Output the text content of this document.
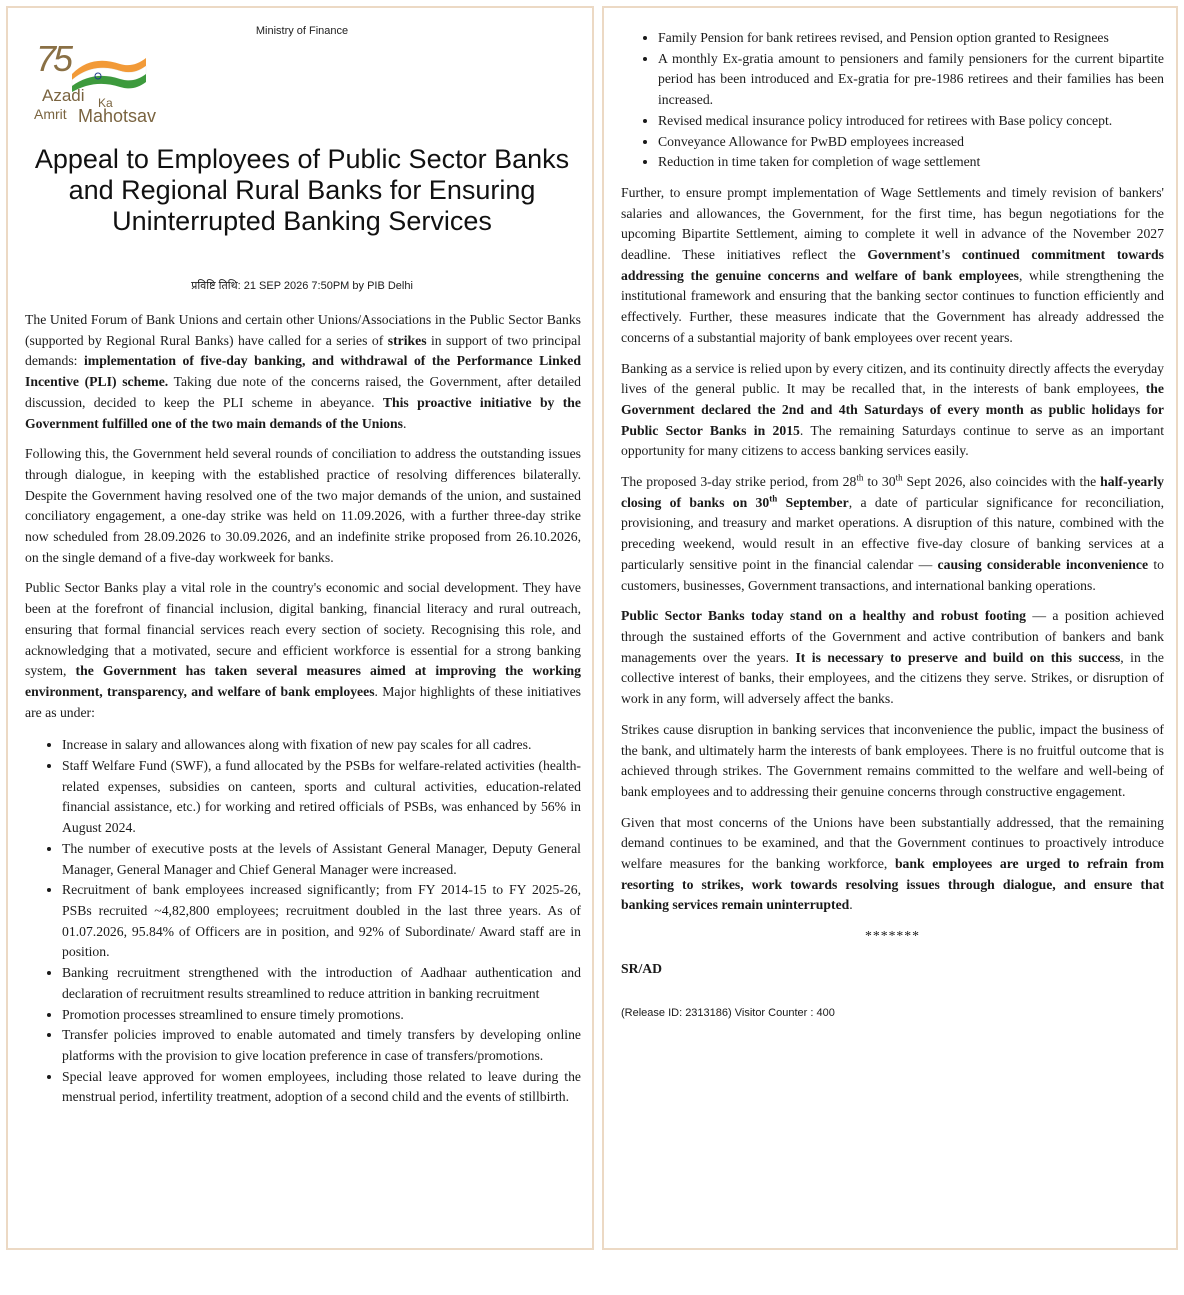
Ministry of Finance
75
Azadi Ka
Amrit Mahotsav
Appeal to Employees of Public Sector Banks and Regional Rural Banks for Ensuring Uninterrupted Banking Services
प्रविष्टि तिथि: 21 SEP 2026 7:50PM by PIB Delhi

The United Forum of Bank Unions and certain other Unions/Associations in the Public Sector Banks (supported by Regional Rural Banks) have called for a series of strikes in support of two principal demands: implementation of five-day banking, and withdrawal of the Performance Linked Incentive (PLI) scheme. Taking due note of the concerns raised, the Government, after detailed discussion, decided to keep the PLI scheme in abeyance. This proactive initiative by the Government fulfilled one of the two main demands of the Unions.

Following this, the Government held several rounds of conciliation to address the outstanding issues through dialogue, in keeping with the established practice of resolving differences bilaterally. Despite the Government having resolved one of the two major demands of the union, and sustained conciliatory engagement, a one-day strike was held on 11.09.2026, with a further three-day strike now scheduled from 28.09.2026 to 30.09.2026, and an indefinite strike proposed from 26.10.2026, on the single demand of a five-day workweek for banks.

Public Sector Banks play a vital role in the country's economic and social development. They have been at the forefront of financial inclusion, digital banking, financial literacy and rural outreach, ensuring that formal financial services reach every section of society. Recognising this role, and acknowledging that a motivated, secure and efficient workforce is essential for a strong banking system, the Government has taken several measures aimed at improving the working environment, transparency, and welfare of bank employees. Major highlights of these initiatives are as under:

• Increase in salary and allowances along with fixation of new pay scales for all cadres.
• Staff Welfare Fund (SWF), a fund allocated by the PSBs for welfare-related activities (health-related expenses, subsidies on canteen, sports and cultural activities, education-related financial assistance, etc.) for working and retired officials of PSBs, was enhanced by 56% in August 2024.
• The number of executive posts at the levels of Assistant General Manager, Deputy General Manager, General Manager and Chief General Manager were increased.
• Recruitment of bank employees increased significantly; from FY 2014-15 to FY 2025-26, PSBs recruited ~4,82,800 employees; recruitment doubled in the last three years. As of 01.07.2026, 95.84% of Officers are in position, and 92% of Subordinate/ Award staff are in position.
• Banking recruitment strengthened with the introduction of Aadhaar authentication and declaration of recruitment results streamlined to reduce attrition in banking recruitment
• Promotion processes streamlined to ensure timely promotions.
• Transfer policies improved to enable automated and timely transfers by developing online platforms with the provision to give location preference in case of transfers/promotions.
• Special leave approved for women employees, including those related to leave during the menstrual period, infertility treatment, adoption of a second child and the events of stillbirth.
• Family Pension for bank retirees revised, and Pension option granted to Resignees
• A monthly Ex-gratia amount to pensioners and family pensioners for the current bipartite period has been introduced and Ex-gratia for pre-1986 retirees and their families has been increased.
• Revised medical insurance policy introduced for retirees with Base policy concept.
• Conveyance Allowance for PwBD employees increased
• Reduction in time taken for completion of wage settlement

Further, to ensure prompt implementation of Wage Settlements and timely revision of bankers' salaries and allowances, the Government, for the first time, has begun negotiations for the upcoming Bipartite Settlement, aiming to complete it well in advance of the November 2027 deadline. These initiatives reflect the Government's continued commitment towards addressing the genuine concerns and welfare of bank employees, while strengthening the institutional framework and ensuring that the banking sector continues to function efficiently and effectively. Further, these measures indicate that the Government has already addressed the concerns of a substantial majority of bank employees over recent years.

Banking as a service is relied upon by every citizen, and its continuity directly affects the everyday lives of the general public. It may be recalled that, in the interests of bank employees, the Government declared the 2nd and 4th Saturdays of every month as public holidays for Public Sector Banks in 2015. The remaining Saturdays continue to serve as an important opportunity for many citizens to access banking services easily.

The proposed 3-day strike period, from 28th to 30th Sept 2026, also coincides with the half-yearly closing of banks on 30th September, a date of particular significance for reconciliation, provisioning, and treasury and market operations. A disruption of this nature, combined with the preceding weekend, would result in an effective five-day closure of banking services at a particularly sensitive point in the financial calendar — causing considerable inconvenience to customers, businesses, Government transactions, and international banking operations.

Public Sector Banks today stand on a healthy and robust footing — a position achieved through the sustained efforts of the Government and active contribution of bankers and bank managements over the years. It is necessary to preserve and build on this success, in the collective interest of banks, their employees, and the citizens they serve. Strikes, or disruption of work in any form, will adversely affect the banks.

Strikes cause disruption in banking services that inconvenience the public, impact the business of the bank, and ultimately harm the interests of bank employees. There is no fruitful outcome that is achieved through strikes. The Government remains committed to the welfare and well-being of bank employees and to addressing their genuine concerns through constructive engagement.

Given that most concerns of the Unions have been substantially addressed, that the remaining demand continues to be examined, and that the Government continues to proactively introduce welfare measures for the banking workforce, bank employees are urged to refrain from resorting to strikes, work towards resolving issues through dialogue, and ensure that banking services remain uninterrupted.

*******
SR/AD
(Release ID: 2313186) Visitor Counter : 400
